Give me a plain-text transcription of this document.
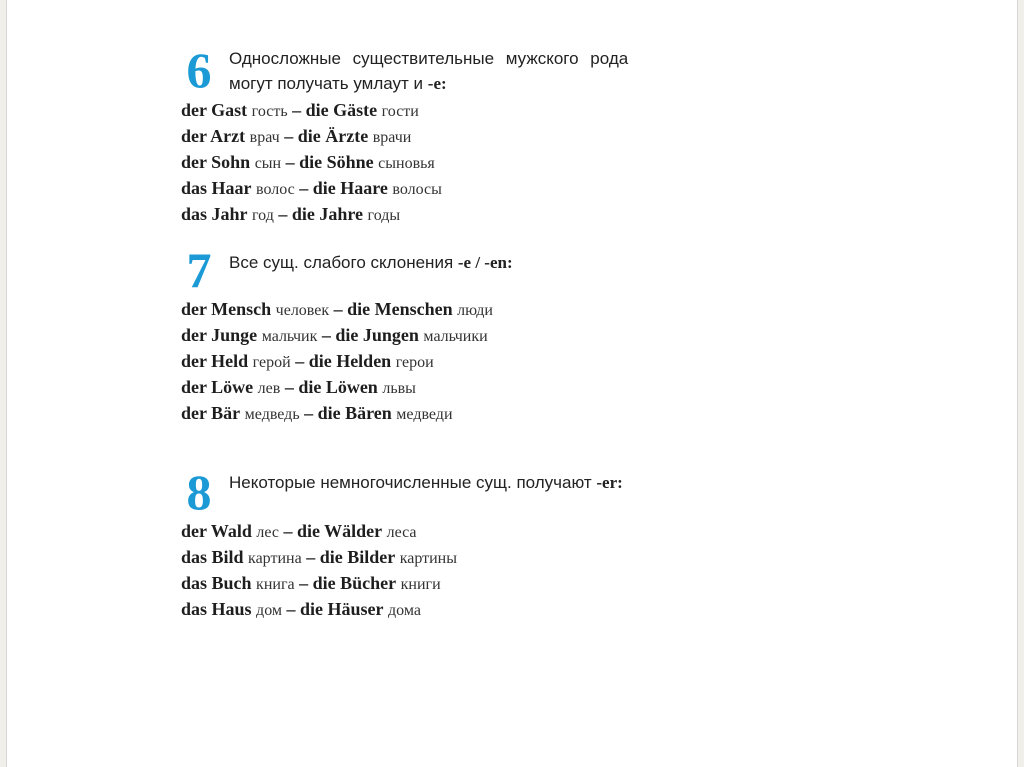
6	Односложные существительные мужского рода
могут получать умлаут и -e:
der Gast гость – die Gäste гости
der Arzt врач – die Ärzte врачи
der Sohn сын – die Söhne сыновья
das Haar волос – die Haare волосы
das Jahr год – die Jahre годы
7	Все сущ. слабого склонения -e / -en:
der Mensch человек – die Menschen люди
der Junge мальчик – die Jungen мальчики
der Held герой – die Helden герои
der Löwe лев – die Löwen львы
der Bär медведь – die Bären медведи
8	Некоторые немногочисленные сущ. получают -er:
der Wald лес – die Wälder леса
das Bild картина – die Bilder картины
das Buch книга – die Bücher книги
das Haus дом – die Häuser дома
